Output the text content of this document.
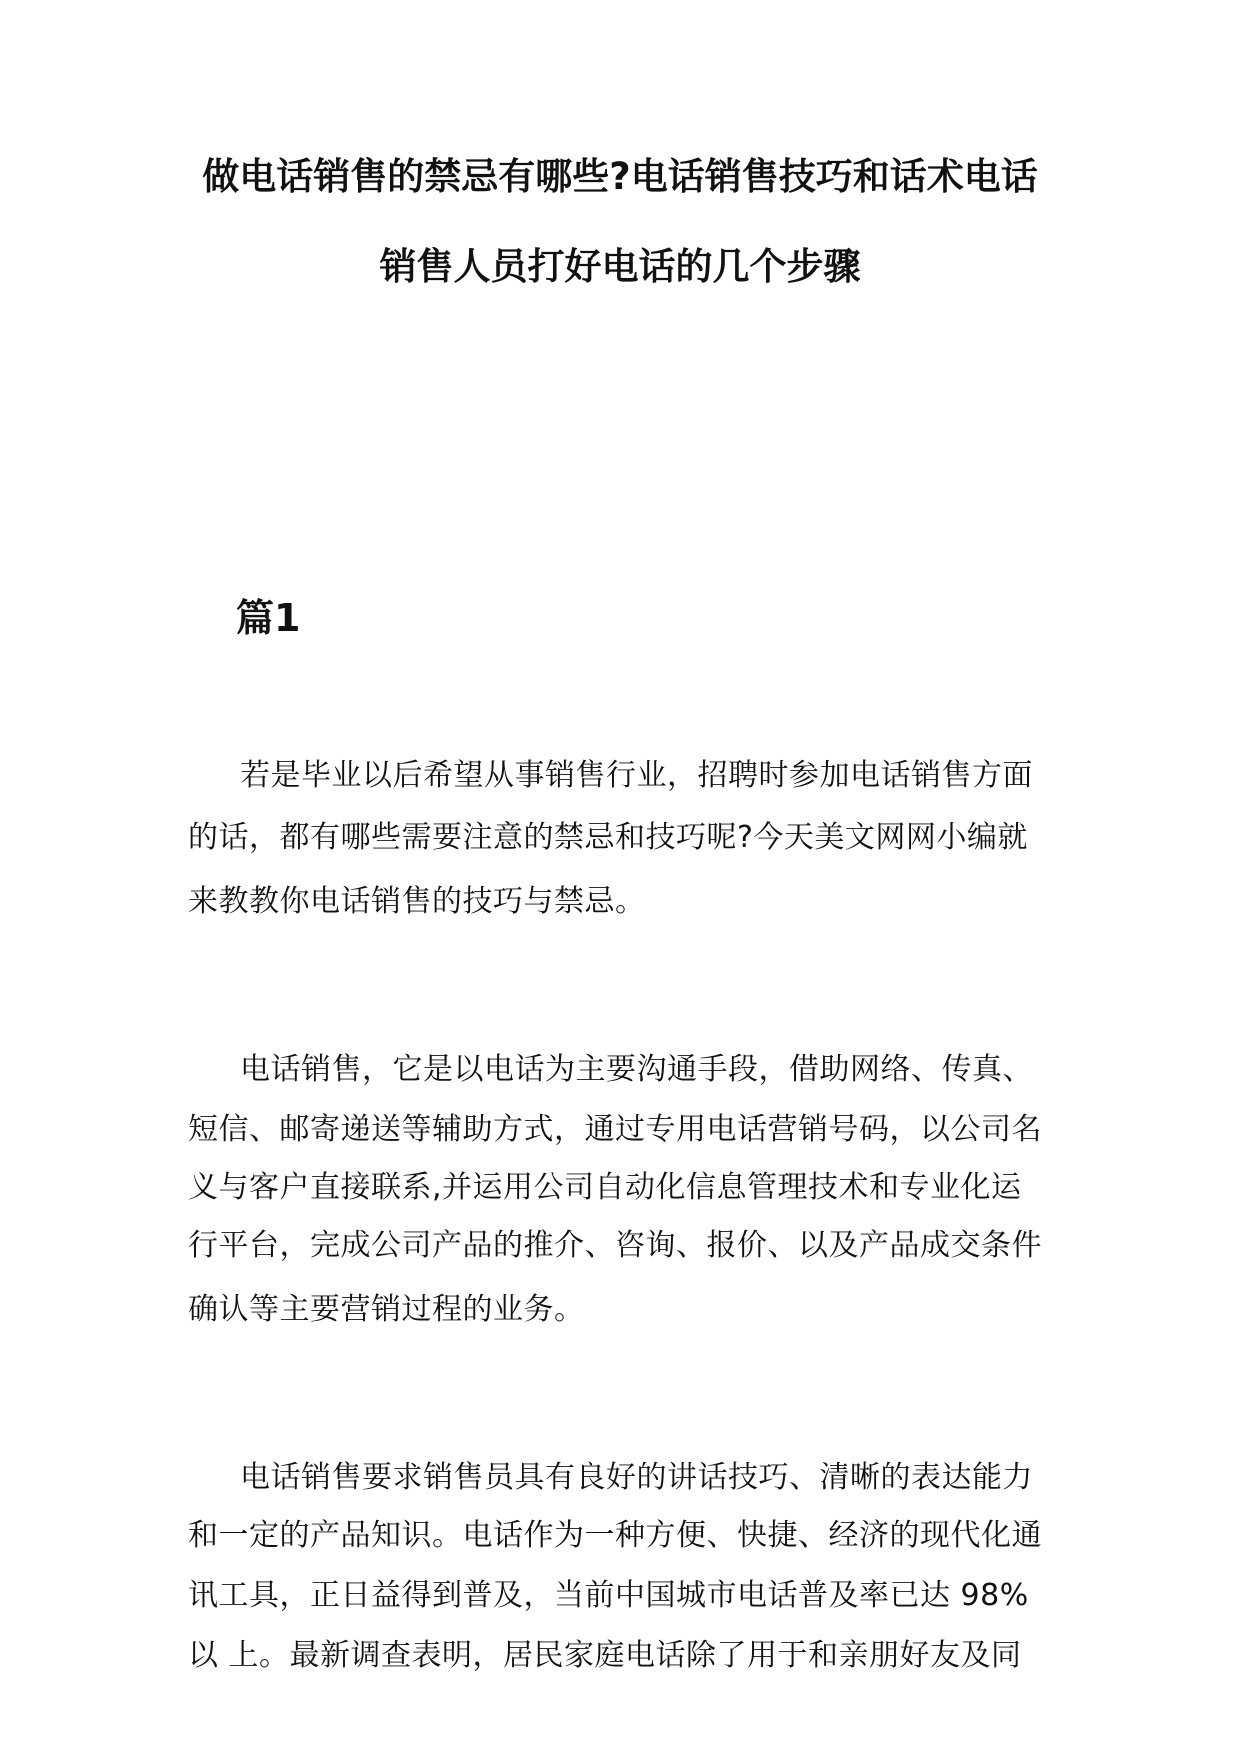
做电话销售的禁忌有哪些?电话销售技巧和话术电话
销售人员打好电话的几个步骤
篇1
若是毕业以后希望从事销售行业，招聘时参加电话销售方面
的话，都有哪些需要注意的禁忌和技巧呢?今天美文网网小编就
来教教你电话销售的技巧与禁忌。
电话销售，它是以电话为主要沟通手段，借助网络、传真、
短信、邮寄递送等辅助方式，通过专用电话营销号码，以公司名
义与客户直接联系,并运用公司自动化信息管理技术和专业化运
行平台，完成公司产品的推介、咨询、报价、以及产品成交条件
确认等主要营销过程的业务。
电话销售要求销售员具有良好的讲话技巧、清晰的表达能力
和一定的产品知识。电话作为一种方便、快捷、经济的现代化通
讯工具，正日益得到普及，当前中国城市电话普及率已达 98%
以 上。最新调查表明，居民家庭电话除了用于和亲朋好友及同
